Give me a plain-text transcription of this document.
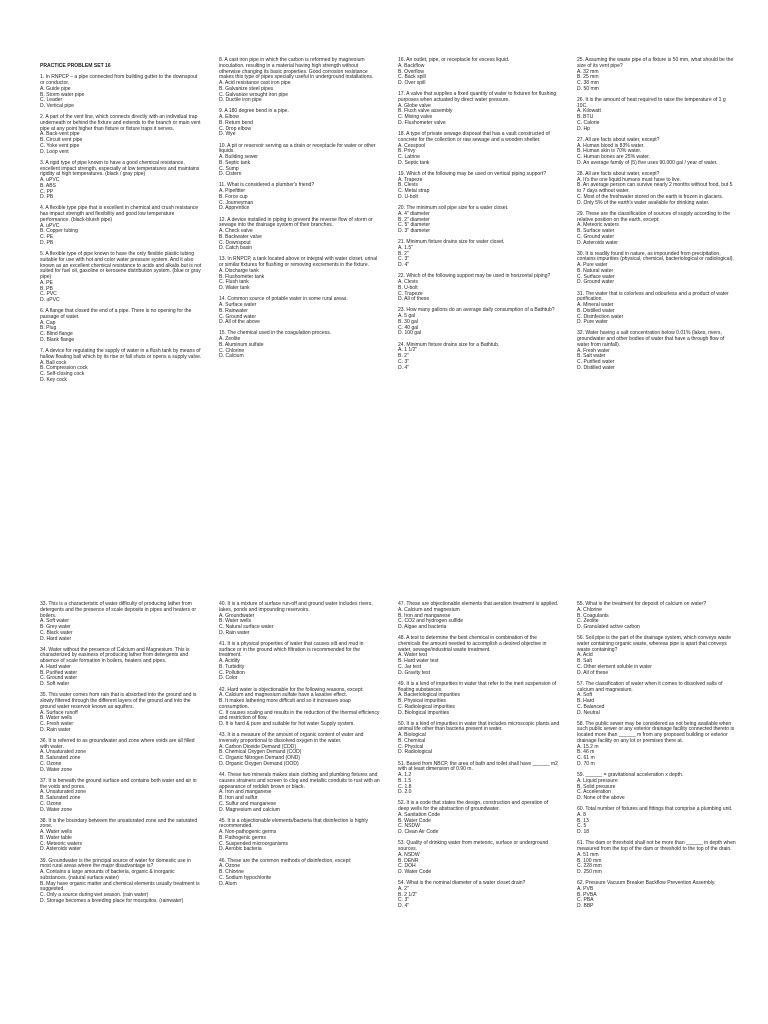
PRACTICE PROBLEM SET 16

1. In RNPCP – a pipe connected from building gutter to the downspout or conductor.
A. Guide pipe
B. Storm water pipe
C. Leader
D. Vertical pipe
2. A part of the vent line, which connects directly with an individual trap underneath or behind the fixture and extends to the branch or main vent pipe at any point higher than fixture or fixture traps it serves.
A. Back-vent pipe
B. Circuit vent pipe
C. Yoke vent pipe
D. Loop vent
3. A rigid type of pipe known to have a good chemical resistance, excellent impact strength, especially at low temperatures and maintains rigidity at high temperatures. (black / gray pipe)
A. uPVC
B. ABS
C. PP
D. PB
4. A flexible type pipe that is excellent in chemical and crush resistance has impact strength and flexibility and good low temperature performance. (black-bluish pipe)
A. uPVC
B. Copper tubing
C. PE
D. PB
5. A flexible type of pipe known to have the only flexible plastic tubing suitable for use with hot and color water pressure system. And it also known as an excellent chemical resistance to acids and alkalis but is not suited for fuel oil, gasoline or kerosene distribution system. (blue or gray pipe)
A. PE
B. PB
C. PVC
D. uPVC
6. A flange that closed the end of a pipe. There is no opening for the passage of water.
A. Cap
B. Plug
C. Blind flange
D. Blank flange
7. A device for regulating the supply of water in a flush tank by means of hallow floating ball which by its rise or fall shuts or opens a supply valve.
A. Ball cock
B. Compression cock
C. Self-closing cock
D. Key cock

8. A cast iron pipe in which the carbon is reformed by magnesium inoculation, resulting in a material having high strength without otherwise changing its basic properties. Good corrosion resistance makes this type of pipes specially useful in underground installations.
A. Acid resistance cast iron pipe
B. Galvanize steel pipes
C. Galvanize wrought iron pipe
D. Ductile iron pipe
9. A 180 degree bend in a pipe.
A. Elbow
B. Return bend
C. Drop elbow
D. Wye
10. A pit or reservoir serving as a drain or receptacle for water or other liquids.
A. Building sewer
B. Septic tank
C. Sump
D. Cistern
11. What is considered a plumber's friend?
A. Pipefitter
B. Force cup
C. Journeyman
D. Apprentice
12. A device installed in piping to prevent the reverse flow of storm or sewage into the drainage system of their branches.
A. Check valve
B. Backwater valve
C. Downspout
D. Catch basin
13. In RNPCP, a tank located above or integral with water closet, urinal or similar fixtures for flushing or removing excrements in the fixture.
A. Discharge tank
B. Flushometer tank
C. Flush tank
D. Water tank
14. Common source of potable water in some rural areas.
A. Surface water
B. Rainwater
C. Ground water
D. All of the above
15. The chemical used in the coagulation process.
A. Zeolite
B. Aluminum sulfate
C. Chlorine
D. Calcium
16. An outlet, pipe, or receptacle for excess liquid.
A. Backflow
B. Overflow
C. Back spill
D. Over spill
17. A valve that supplies a fixed quantity of water to fixtures for flushing purposes when actuated by direct water pressure.
A. Globe valve
B. Flush valve assembly
C. Mixing valve
D. Flushometer valve
18. A type of private sewage disposal that has a vault constructed of concrete for the collection or raw sewage and a wooden shelter.
A. Cesspool
B. Privy
C. Latrine
D. Septic tank
19. Which of the following may be used on vertical piping support?
A. Trapeze
B. Clevis
C. Metal strap
D. U-bolt
20. The minimum soil pipe size for a water closet.
A. 4" diameter
B. 2" diameter
C. 5" diameter
D. 3" diameter
21. Minimum fixture drains size for water closet.
A. 1.5"
B. 2"
C. 3"
D. 4"
22. Which of the following support may be used in horizontal piping?
A. Clevis
B. U-bolt
C. Trapeze
D. All of these
23. How many gallons do an average daily consumption of a Bathtub?
A. 5 gal
B. 30 gal
C. 40 gal
D. 100 gal
24. Minimum fixture drains size for a Bathtub.
A. 1 1/2"
B. 2"
C. 3"
D. 4"
25. Assuming the waste pipe of a fixture is 50 mm, what should be the size of its vent pipe?
A. 32 mm
B. 25 mm
C. 38 mm
D. 50 mm
26. It is the amount of heat required to raise the temperature of 1 g 10C.
A. Kilowatt
B. BTU
C. Calorie
D. Hp
27. All are facts about water, except?
A. Human blood is 83% water.
B. Human skin is 70% water.
C. Human bones are 25% water.
D. An average family of (5) five uses 90,000 gal / year of water.
28. All are facts about water, except?
A. It's the one liquid humans must have to live.
B. An average person can survive nearly 2 months without food, but 5 to 7 days without water.
C. Most of the freshwater stored on the earth is frozen in glaciers.
D. Only 5% of the earth's water available for drinking water.
29. These are the classification of sources of supply according to the relative position on the earth, except:
A. Meteoric waters
B. Surface water
C. Ground water
D. Asteroids water
30. It is readily found in nature, as impounded from precipitation, contains impurities (physical, chemical, bacteriological or radiological).
A. Pure water
B. Natural water
C. Surface water
D. Ground water
31. The water that is colorless and odourless and a product of water purification.
A. Mineral water
B. Distilled water
C. Disinfection water
D. Pure water
32. Water having a salt concentration below 0.01% (lakes, rivers, groundwater and other bodies of water that have a through flow of water from rainfall).
A. Fresh water
B. Salt water
C. Purified water
D. Distilled water
33. This is a characteristic of water difficulty of producing lather from detergents and the presence of scale deposits in pipes and heaters or boilers.
A. Soft water
B. Grey water
C. Black water
D. Hard water
34. Water without the presence of Calcium and Magnesium. This is characterized by easiness of producing lather from detergents and absence of scale formation in boilers, heaters and pipes.
A. Hard water
B. Purified water
C. Ground water
D. Soft water
35. This water comes from rain that is absorbed into the ground and is slowly filtered through the different layers of the ground and into the ground water reservoir known as aquifers.
A. Surface runoff
B. Water wells
C. Fresh water
D. Rain water
36. It is referred to as groundwater and zone where voids are all filled with water.
A. Unsaturated zone
B. Saturated zone
C. Ozone
D. Water zone
37. It is beneath the ground surface and contains both water and air in the voids and pores.
A. Unsaturated zone
B. Saturated zone
C. Ozone
D. Water zone
38. It is the boundary between the unsaturated zone and the saturated zone.
A. Water wells
B. Water table
C. Meteoric waters
D. Asteroids water
39. Groundwater is the principal source of water for domestic use in most rural areas where the major disadvantage is?
A. Contains a large amounts of bacteria, organic & inorganic substances. (natural surface water)
B. May have organic matter and chemical elements usually treatment is suggested.
C. Only a source during wet season. (rain water)
D. Storage becomes a breeding place for mosquitos. (rainwater)
40. It is a mixture of surface run-off and ground water includes rivers, lakes, ponds and impounding reservoirs.
A. Groundwater
B. Water wells
C. Natural surface water
D. Rain water
41. It is a physical properties of water that causes silt and mud in surface or in the ground which filtration is recommended for the treatment.
A. Acidity
B. Turbidity
C. Pollution
D. Color
42. Hard water is objectionable for the following reasons, except:
A. Calcium and magnesium sulfate have a laxative effect.
B. It makes lathering more difficult and so it increases soap consumption.
C. It causes scaling and results in the reduction of the thermal efficiency and restriction of flow.
D. It is hard & pure and suitable for hot water Supply system.
43. It is a measure of the amount of organic content of water and inversely proportional to dissolved oxygen in the water.
A. Carbon Dioxide Demand (CDD)
B. Chemical Oxygen Demand (COD)
C. Organic Nitrogen Demand (OND)
D. Organic Oxygen Demand (OOD)
44. These two minerals makes stain clothing and plumbing fixtures and causes strainers and screen to clog and metallic conduits to rust with an appearance of reddish brown or black.
A. Iron and manganese
B. Iron and sulfur
C. Sulfur and manganese
D. Magnesium and calcium
45. It is a objectionable elements/bacteria that disinfection is highly recommended.
A. Non-pathogenic germs
B. Pathogenic germs
C. Suspended microorganisms
D. Aerobic bacteria
46. These are the common methods of disinfection, except:
A. Ozone
B. Chlorine
C. Sodium hypochlorite
D. Alum
47. These are objectionable elements that aeration treatment is applied.
A. Calcium and magnesium
B. Iron and manganese
C. CO2 and hydrogen sulfide
D. Algae and bacteria
48. A test to determine the best chemical in combination of the chemicals the amount needed to accomplish a desired objective in water, sewage/industrial waste treatment.
A. Water test
B. Hard water test
C. Jar test
D. Gravity test
49. It is a kind of impurities in water that refer to the inert suspension of floating substances.
A. Bacteriological impurities
B. Physical impurities
C. Radiological impurities
D. Biological impurities
50. It is a kind of impurities in water that includes microscopic plants and animal life other than bacteria present in water.
A. Biological
B. Chemical
C. Physical
D. Radiological
51. Based from NBCP, the area of bath and toilet shall have ______ m2 with at least dimension of 0.90 m.
A. 1.2
B. 1.5
C. 1.8
D. 2.0
52. It is a code that states the design, construction and operation of deep wells for the abstraction of groundwater.
A. Sanitation Code
B. Water Code
C. NSDW
D. Clean Air Code
53. Quality of drinking water from meteoric, surface or underground sources.
A. NSDW
B. DENR
C. DOH
D. Water Code
54. What is the nominal diameter of a water closet drain?
A. 2"
B. 2 1/2"
C. 3"
D. 4"
55. What is the treatment for deposit of calcium on water?
A. Chlorine
B. Coagulants
C. Zeolite
D. Granulated active carbon
56. Soil pipe is the part of the drainage system, which conveys waste water containing organic waste, whereas pipe is apart that conveys waste containing?
A. Acid
B. Salt
C. Other element soluble in water
D. All of these
57. The classification of water when it comes to dissolved salts of calcium and magnesium.
A. Soft
B. Hard
C. Balanced
D. Neutral
58. The public sewer may be considered as not being available when such public sewer or any exterior drainage facility connected thereto is located more than ______ m from any proposed building or exterior drainage facility on any lot or premises there at.
A. 15.2 m
B. 46 m
C. 61 m
D. 70 m
59. ______ = gravitational acceleration x depth.
A. Liquid pressure
B. Solid pressure
C. Acceleration
D. None of the above
60. Total number of fixtures and fittings that comprise a plumbing unit.
A. 8
B. 13
C. 5
D. 18
61. The dam or threshold shall not be more than ______ in depth when measured from the top of the dam or threshold to the top of the drain.
A. 51 mm
B. 100 mm
C. 228 mm
D. 250 mm
62. Pressure Vacuum Breaker Backflow Prevention Assembly.
A. PVB
B. PVBA
C. PBA
D. BBP
